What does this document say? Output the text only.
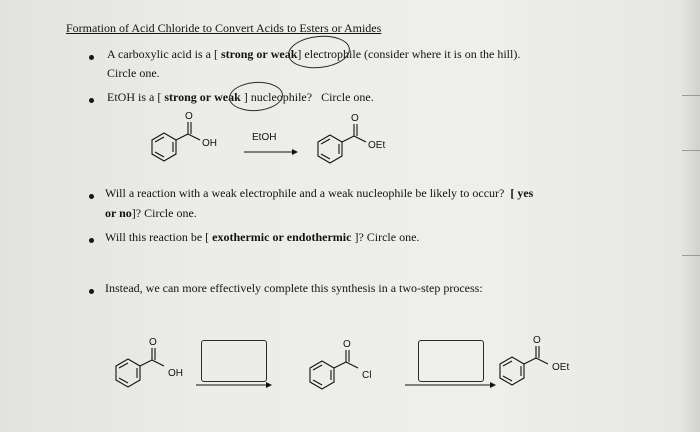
Formation of Acid Chloride to Convert Acids to Esters or Amides
A carboxylic acid is a [ strong or weak] electrophile (consider where it is on the hill).
Circle one.
EtOH is a [ strong or weak ] nucleophile? Circle one.
O
OH
EtOH
O
OEt
Will a reaction with a weak electrophile and a weak nucleophile be likely to occur? [ yes
or no]? Circle one.
Will this reaction be [ exothermic or endothermic ]? Circle one.
Instead, we can more effectively complete this synthesis in a two-step process:
O
OH
O
Cl
O
OEt
